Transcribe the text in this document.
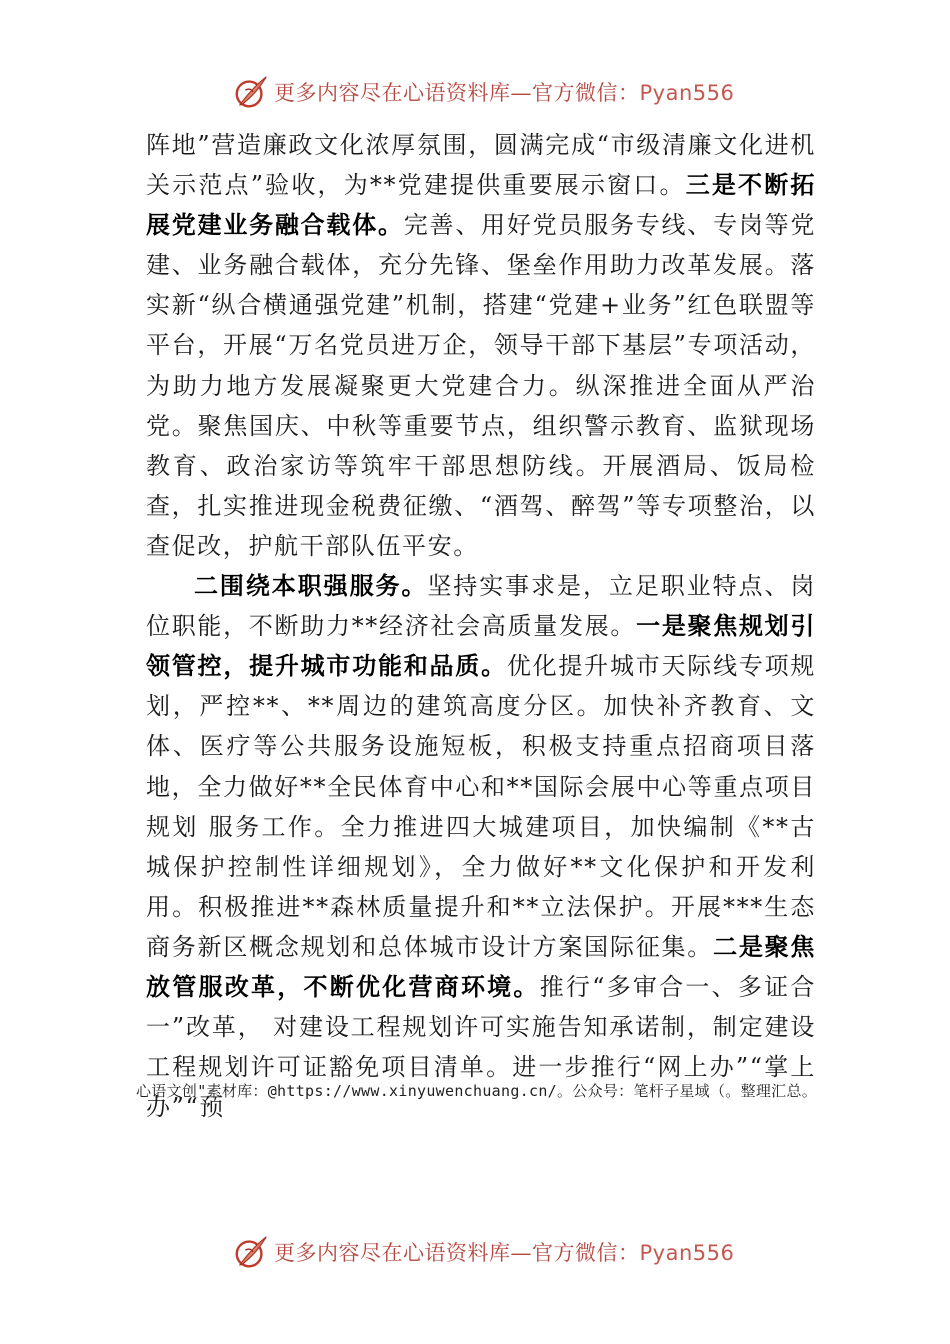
更多内容尽在心语资料库—官方微信：Pyan556

阵地”营造廉政文化浓厚氛围，圆满完成“市级清廉文化进机关示范点”验收，为**党建提供重要展示窗口。三是不断拓展党建业务融合载体。完善、用好党员服务专线、专岗等党建、业务融合载体，充分先锋、堡垒作用助力改革发展。落实新“纵合横通强党建”机制，搭建“党建+业务”红色联盟等平台，开展“万名党员进万企，领导干部下基层”专项活动，为助力地方发展凝聚更大党建合力。纵深推进全面从严治党。聚焦国庆、中秋等重要节点，组织警示教育、监狱现场教育、政治家访等筑牢干部思想防线。开展酒局、饭局检查，扎实推进现金税费征缴、“酒驾、醉驾”等专项整治，以查促改，护航干部队伍平安。

二围绕本职强服务。坚持实事求是，立足职业特点、岗位职能，不断助力**经济社会高质量发展。一是聚焦规划引领管控，提升城市功能和品质。优化提升城市天际线专项规划，严控**、**周边的建筑高度分区。加快补齐教育、文体、医疗等公共服务设施短板，积极支持重点招商项目落地，全力做好**全民体育中心和**国际会展中心等重点项目规划 服务工作。全力推进四大城建项目，加快编制《**古城保护控制性详细规划》，全力做好**文化保护和开发利用。积极推进**森林质量提升和**立法保护。开展***生态商务新区概念规划和总体城市设计方案国际征集。二是聚焦放管服改革，不断优化营商环境。推行“多审合一、多证合一”改革， 对建设工程规划许可实施告知承诺制，制定建设工程规划许可证豁免项目清单。进一步推行“网上办”“掌上办”“预

心语文创"素材库：@https://www.xinyuwenchuang.cn/。公众号：笔杆子星域（。整理汇总。
更多内容尽在心语资料库—官方微信：Pyan556
